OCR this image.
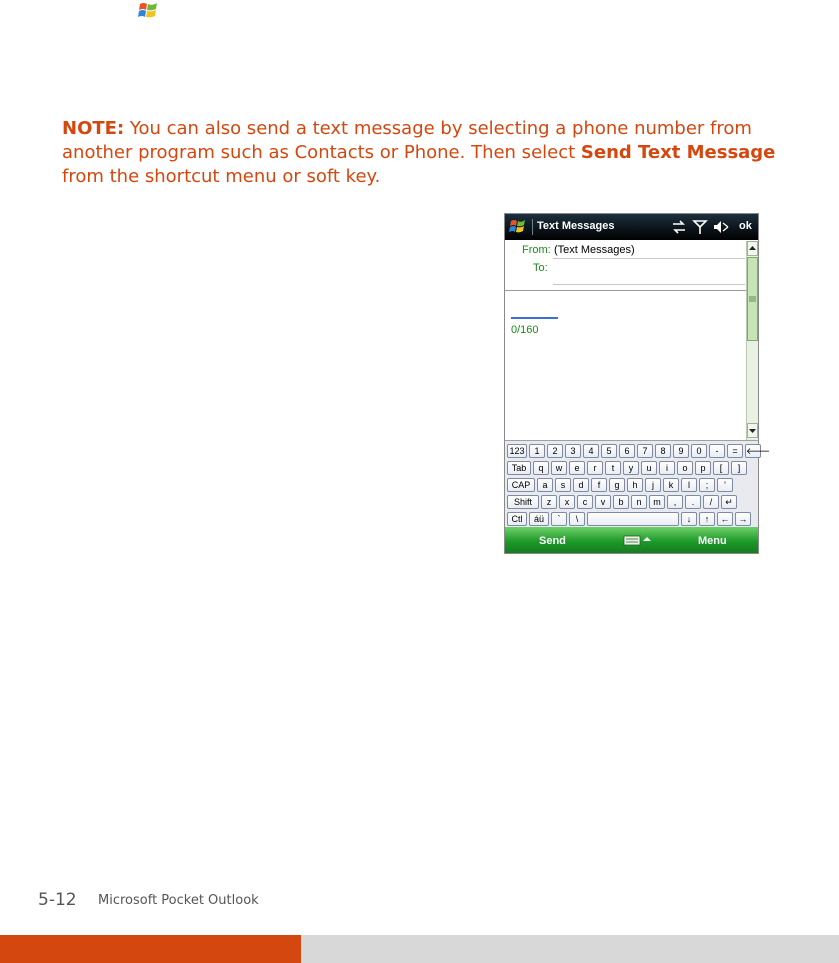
NOTE: You can also send a text message by selecting a phone number from another program such as Contacts or Phone. Then select Send Text Message from the shortcut menu or soft key.

Text Messages	ok
From: (Text Messages)
To:
0/160
123	1	2	3	4	5	6	7	8	9	0	-	= 🡐
Tab	q	w	e	r	t	y	u	i	o	p	[	]
CAP	a	s	d	f	g	h	j	k	l	;	'
Shift	z	x	c	v	b	n	m	,	.	/	↵
Ctl	áü	`	\	↓	↑	←	→
Send	Menu
5-12 Microsoft Pocket Outlook
